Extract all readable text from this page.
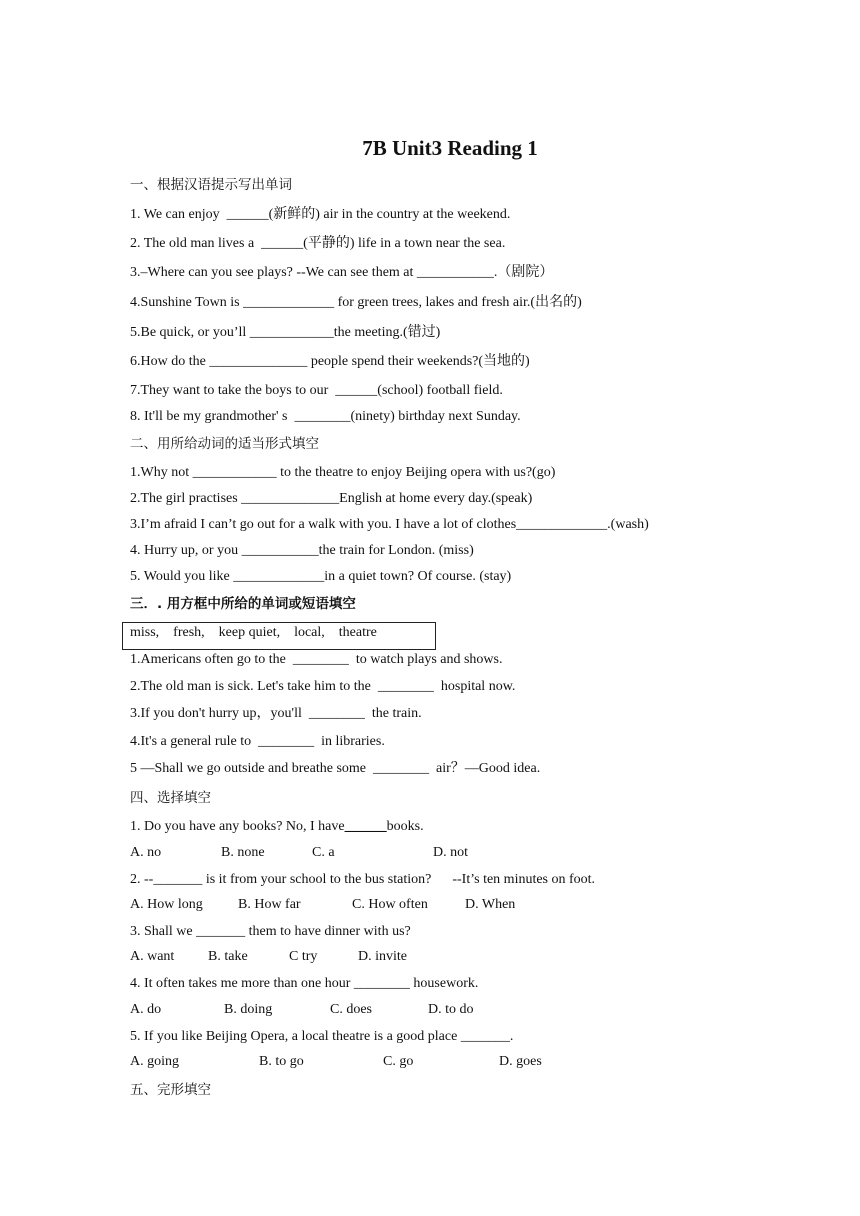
7B Unit3 Reading 1
一、根据汉语提示写出单词
1. We can enjoy  ______(新鲜的) air in the country at the weekend.
2. The old man lives a  ______(平静的) life in a town near the sea.
3.–Where can you see plays? --We can see them at ___________.（剧院）
4.Sunshine Town is _____________ for green trees, lakes and fresh air.(出名的)
5.Be quick, or you’ll ____________the meeting.(错过)
6.How do the ______________ people spend their weekends?(当地的)
7.They want to take the boys to our  ______(school) football field.
8. It'll be my grandmother' s  ________(ninety) birthday next Sunday.
二、用所给动词的适当形式填空
1.Why not ____________ to the theatre to enjoy Beijing opera with us?(go)
2.The girl practises ______________English at home every day.(speak)
3.I’m afraid I can’t go out for a walk with you. I have a lot of clothes_____________.(wash)
4. Hurry up, or you ___________the train for London. (miss)
5. Would you like _____________in a quiet town? Of course. (stay)
三．. 用方框中所给的单词或短语填空
miss,    fresh,    keep quiet,    local,    theatre
1.Americans often go to the  ________  to watch plays and shows.
2.The old man is sick. Let's take him to the  ________  hospital now.
3.If you don't hurry up，you'll  ________  the train.
4.It's a general rule to  ________  in libraries.
5 —Shall we go outside and breathe some  ________  air？—Good idea.
四、选择填空
1. Do you have any books? No, I have______books.
A. no	B. none	C. a	D. not
2. --_______ is it from your school to the bus station?      --It’s ten minutes on foot.
A. How long	B. How far	C. How often	D. When
3. Shall we _______ them to have dinner with us?
A. want B. take	C try	D. invite
4. It often takes me more than one hour ________ housework.
A. do	B. doing	C. does	D. to do
5. If you like Beijing Opera, a local theatre is a good place _______.
A. going	B. to go	C. go	D. goes
五、完形填空
